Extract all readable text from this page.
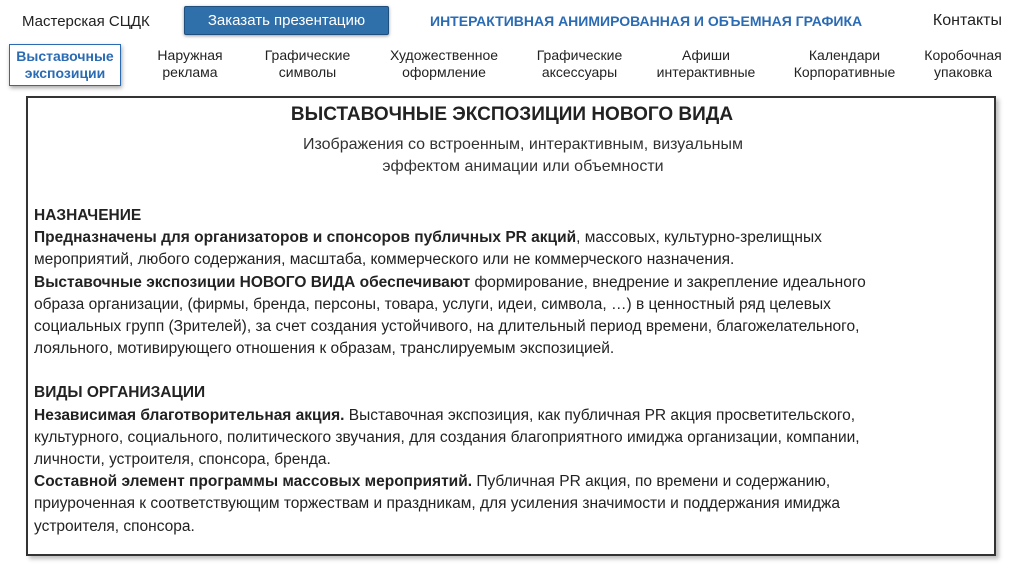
Мастерская СЦДК	Заказать презентацию	ИНТЕРАКТИВНАЯ АНИМИРОВАННАЯ И ОБЪЕМНАЯ ГРАФИКА	Контакты
Выставочные
экспозиции
Наружная
реклама
Графические
символы
Художественное
оформление
Графические
аксессуары
Афиши
интерактивные
Календари
Корпоративные
Коробочная
упаковка
ВЫСТАВОЧНЫЕ ЭКСПОЗИЦИИ НОВОГО ВИДА
Изображения со встроенным, интерактивным, визуальным
эффектом анимации или объемности
НАЗНАЧЕНИЕ
Предназначены для организаторов и спонсоров публичных PR акций, массовых, культурно-зрелищных
мероприятий, любого содержания, масштаба, коммерческого или не коммерческого назначения.
Выставочные экспозиции НОВОГО ВИДА обеспечивают формирование, внедрение и закрепление идеального
образа организации, (фирмы, бренда, персоны, товара, услуги, идеи, символа, …) в ценностный ряд целевых
социальных групп (Зрителей), за счет создания устойчивого, на длительный период времени, благожелательного,
лояльного, мотивирующего отношения к образам, транслируемым экспозицией.
ВИДЫ ОРГАНИЗАЦИИ
Независимая благотворительная акция. Выставочная экспозиция, как публичная PR акция просветительского,
культурного, социального, политического звучания, для создания благоприятного имиджа организации, компании,
личности, устроителя, спонсора, бренда.
Составной элемент программы массовых мероприятий. Публичная PR акция, по времени и содержанию,
приуроченная к соответствующим торжествам и праздникам, для усиления значимости и поддержания имиджа
устроителя, спонсора.
